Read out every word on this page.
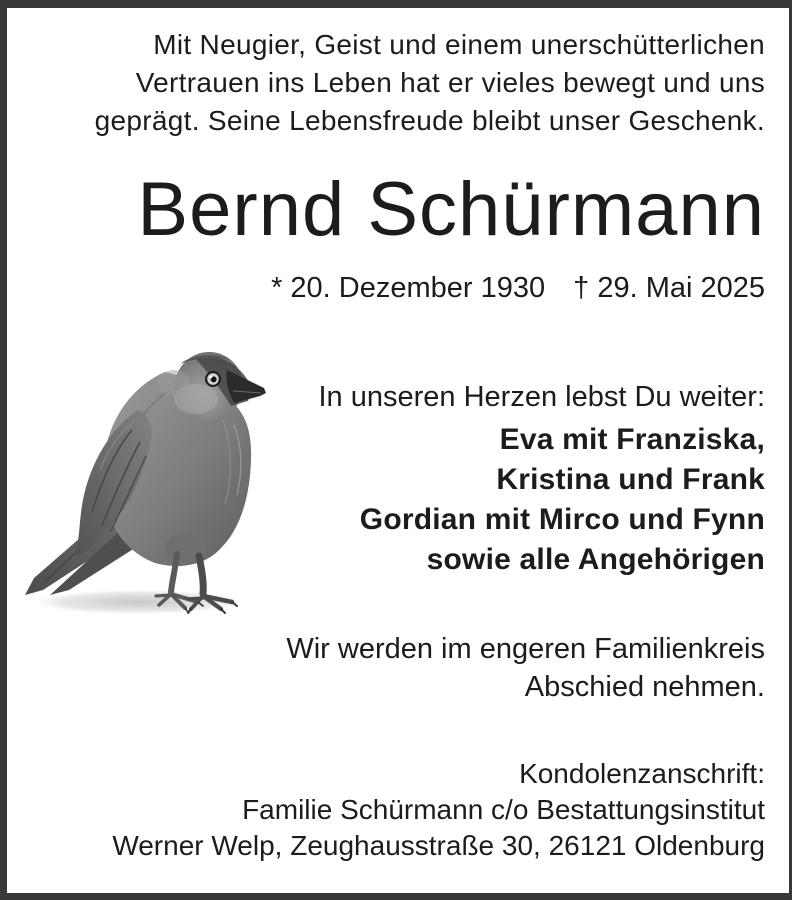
Mit Neugier, Geist und einem unerschütterlichen
Vertrauen ins Leben hat er vieles bewegt und uns
geprägt. Seine Lebensfreude bleibt unser Geschenk.
Bernd Schürmann
* 20. Dezember 1930 † 29. Mai 2025
In unseren Herzen lebst Du weiter:
Eva mit Franziska,
Kristina und Frank
Gordian mit Mirco und Fynn
sowie alle Angehörigen
Wir werden im engeren Familienkreis
Abschied nehmen.
Kondolenzanschrift:
Familie Schürmann c/o Bestattungsinstitut
Werner Welp, Zeughausstraße 30, 26121 Oldenburg
